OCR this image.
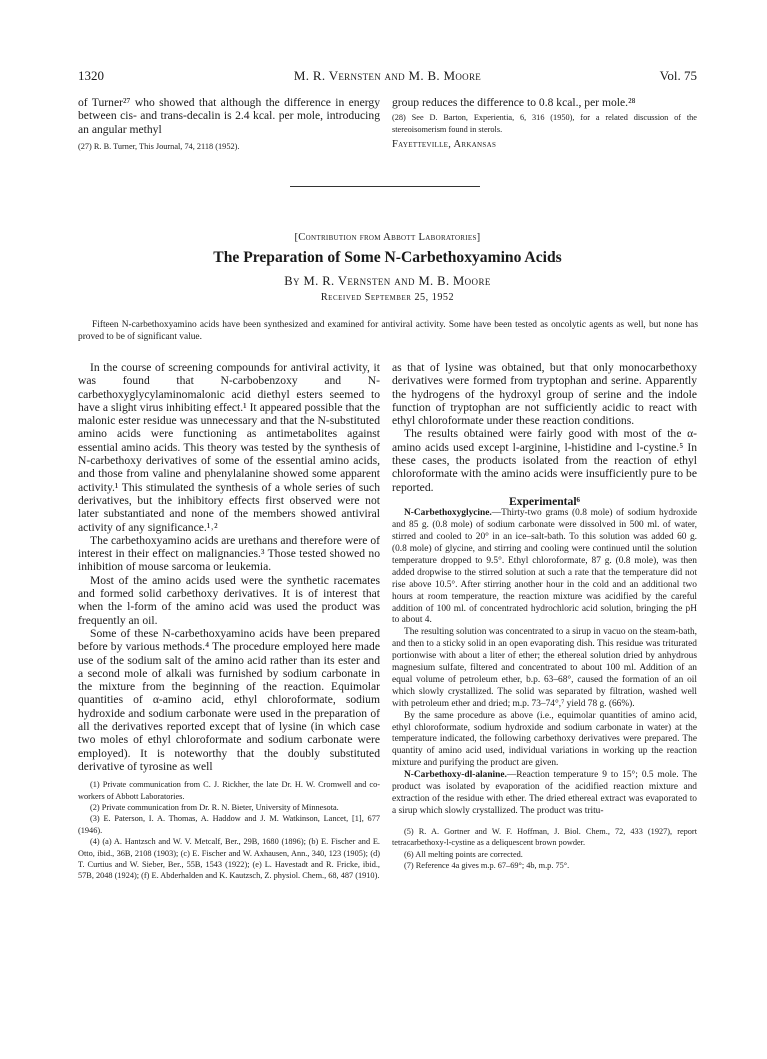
1320	M. R. Vernsten and M. B. Moore	Vol. 75

of Turner²⁷ who showed that although the difference in energy between cis- and trans-decalin is 2.4 kcal. per mole, introducing an angular methyl

(27) R. B. Turner, This Journal, 74, 2118 (1952).

group reduces the difference to 0.8 kcal., per mole.²⁸

(28) See D. Barton, Experientia, 6, 316 (1950), for a related discussion of the stereoisomerism found in sterols.
Fayetteville, Arkansas
[Contribution from Abbott Laboratories]
The Preparation of Some N-Carbethoxyamino Acids
By M. R. Vernsten and M. B. Moore
Received September 25, 1952
Fifteen N-carbethoxyamino acids have been synthesized and examined for antiviral activity. Some have been tested as oncolytic agents as well, but none has proved to be of significant value.

In the course of screening compounds for antiviral activity, it was found that N-carbobenzoxy and N-carbethoxyglycylaminomalonic acid diethyl esters seemed to have a slight virus inhibiting effect.¹ It appeared possible that the malonic ester residue was unnecessary and that the N-substituted amino acids were functioning as antimetabolites against essential amino acids. This theory was tested by the synthesis of N-carbethoxy derivatives of some of the essential amino acids, and those from valine and phenylalanine showed some apparent activity.¹ This stimulated the synthesis of a whole series of such derivatives, but the inhibitory effects first observed were not later substantiated and none of the members showed antiviral activity of any significance.¹˒²

The carbethoxyamino acids are urethans and therefore were of interest in their effect on malignancies.³ Those tested showed no inhibition of mouse sarcoma or leukemia.

Most of the amino acids used were the synthetic racemates and formed solid carbethoxy derivatives. It is of interest that when the l-form of the amino acid was used the product was frequently an oil.

Some of these N-carbethoxyamino acids have been prepared before by various methods.⁴ The procedure employed here made use of the sodium salt of the amino acid rather than its ester and a second mole of alkali was furnished by sodium carbonate in the mixture from the beginning of the reaction. Equimolar quantities of α-amino acid, ethyl chloroformate, sodium hydroxide and sodium carbonate were used in the preparation of all the derivatives reported except that of lysine (in which case two moles of ethyl chloroformate and sodium carbonate were employed). It is noteworthy that the doubly substituted derivative of tyrosine as well

(1) Private communication from C. J. Rickher, the late Dr. H. W. Cromwell and co-workers of Abbott Laboratories.

(2) Private communication from Dr. R. N. Bieter, University of Minnesota.

(3) E. Paterson, I. A. Thomas, A. Haddow and J. M. Watkinson, Lancet, [1], 677 (1946).

(4) (a) A. Hantzsch and W. V. Metcalf, Ber., 29B, 1680 (1896); (b) E. Fischer and E. Otto, ibid., 36B, 2108 (1903); (c) E. Fischer and W. Axhausen, Ann., 340, 123 (1905); (d) T. Curtius and W. Sieber, Ber., 55B, 1543 (1922); (e) L. Havestadt and R. Fricke, ibid., 57B, 2048 (1924); (f) E. Abderhalden and K. Kautzsch, Z. physiol. Chem., 68, 487 (1910).

as that of lysine was obtained, but that only monocarbethoxy derivatives were formed from tryptophan and serine. Apparently the hydrogens of the hydroxyl group of serine and the indole function of tryptophan are not sufficiently acidic to react with ethyl chloroformate under these reaction conditions.

The results obtained were fairly good with most of the α-amino acids used except l-arginine, l-histidine and l-cystine.⁵ In these cases, the products isolated from the reaction of ethyl chloroformate with the amino acids were insufficiently pure to be reported.

Experimental⁶

N-Carbethoxyglycine.—Thirty-two grams (0.8 mole) of sodium hydroxide and 85 g. (0.8 mole) of sodium carbonate were dissolved in 500 ml. of water, stirred and cooled to 20° in an ice–salt-bath. To this solution was added 60 g. (0.8 mole) of glycine, and stirring and cooling were continued until the solution temperature dropped to 9.5°. Ethyl chloroformate, 87 g. (0.8 mole), was then added dropwise to the stirred solution at such a rate that the temperature did not rise above 10.5°. After stirring another hour in the cold and an additional two hours at room temperature, the reaction mixture was acidified by the careful addition of 100 ml. of concentrated hydrochloric acid solution, bringing the pH to about 4.

The resulting solution was concentrated to a sirup in vacuo on the steam-bath, and then to a sticky solid in an open evaporating dish. This residue was triturated portionwise with about a liter of ether; the ethereal solution dried by anhydrous magnesium sulfate, filtered and concentrated to about 100 ml. Addition of an equal volume of petroleum ether, b.p. 63–68°, caused the formation of an oil which slowly crystallized. The solid was separated by filtration, washed well with petroleum ether and dried; m.p. 73–74°,⁷ yield 78 g. (66%).

By the same procedure as above (i.e., equimolar quantities of amino acid, ethyl chloroformate, sodium hydroxide and sodium carbonate in water) at the temperature indicated, the following carbethoxy derivatives were prepared. The quantity of amino acid used, individual variations in working up the reaction mixture and purifying the product are given.

N-Carbethoxy-dl-alanine.—Reaction temperature 9 to 15°; 0.5 mole. The product was isolated by evaporation of the acidified reaction mixture and extraction of the residue with ether. The dried ethereal extract was evaporated to a sirup which slowly crystallized. The product was tritu-

(5) R. A. Gortner and W. F. Hoffman, J. Biol. Chem., 72, 433 (1927), report tetracarbethoxy-l-cystine as a deliquescent brown powder.

(6) All melting points are corrected.

(7) Reference 4a gives m.p. 67–69°; 4b, m.p. 75°.
